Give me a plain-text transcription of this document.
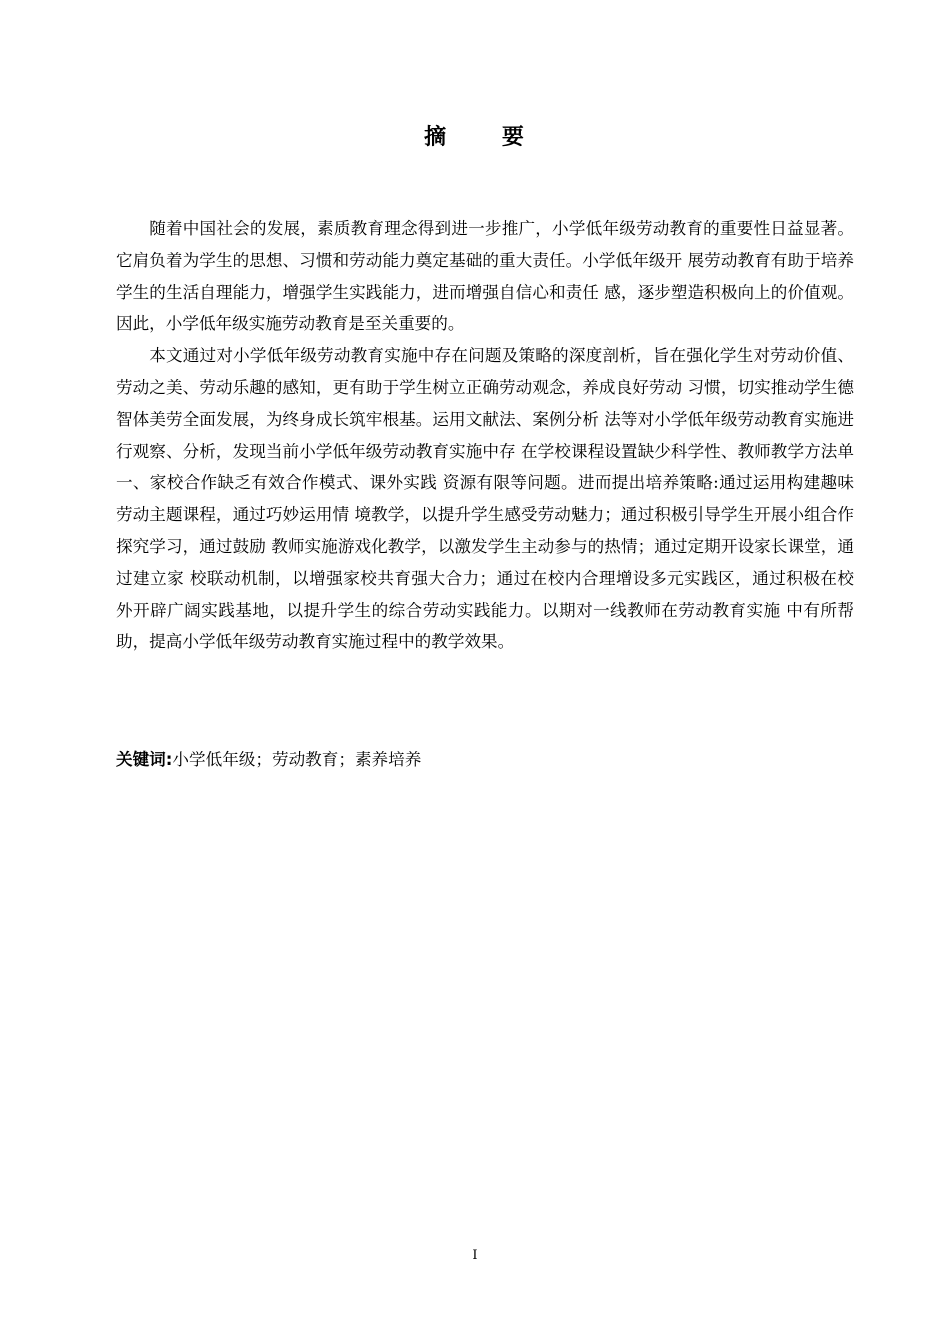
摘 要

随着中国社会的发展，素质教育理念得到进一步推广，小学低年级劳动教育的重要性日益显著。它肩负着为学生的思想、习惯和劳动能力奠定基础的重大责任。小学低年级开 展劳动教育有助于培养学生的生活自理能力，增强学生实践能力，进而增强自信心和责任 感，逐步塑造积极向上的价值观。因此，小学低年级实施劳动教育是至关重要的。

本文通过对小学低年级劳动教育实施中存在问题及策略的深度剖析，旨在强化学生对劳动价值、劳动之美、劳动乐趣的感知，更有助于学生树立正确劳动观念，养成良好劳动 习惯，切实推动学生德智体美劳全面发展，为终身成长筑牢根基。运用文献法、案例分析 法等对小学低年级劳动教育实施进行观察、分析，发现当前小学低年级劳动教育实施中存 在学校课程设置缺少科学性、教师教学方法单一、家校合作缺乏有效合作模式、课外实践 资源有限等问题。进而提出培养策略:通过运用构建趣味劳动主题课程，通过巧妙运用情 境教学，以提升学生感受劳动魅力；通过积极引导学生开展小组合作探究学习，通过鼓励 教师实施游戏化教学，以激发学生主动参与的热情；通过定期开设家长课堂，通过建立家 校联动机制，以增强家校共育强大合力；通过在校内合理增设多元实践区，通过积极在校 外开辟广阔实践基地，以提升学生的综合劳动实践能力。以期对一线教师在劳动教育实施 中有所帮助，提高小学低年级劳动教育实施过程中的教学效果。

关键词:小学低年级；劳动教育；素养培养
I
